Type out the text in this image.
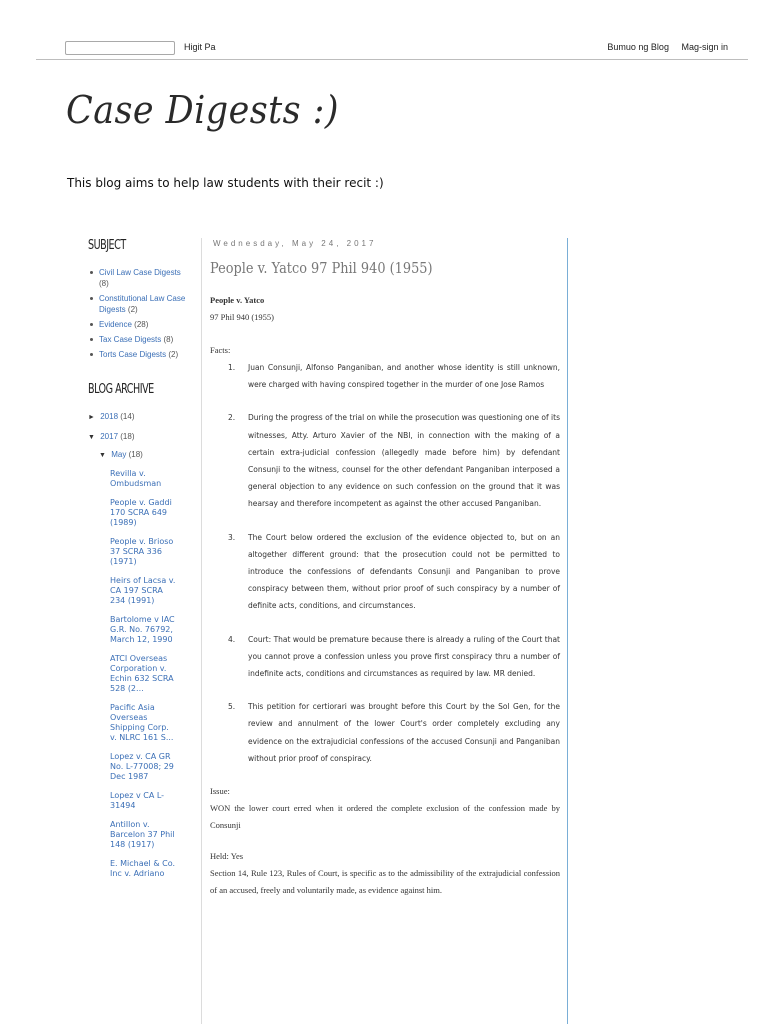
Higit Pa	Bumuo ng Blog Mag-sign in
Case Digests :)
This blog aims to help law students with their recit :)
SUBJECT
Civil Law Case Digests (8)
Constitutional Law Case Digests (2)
Evidence (28)
Tax Case Digests (8)
Torts Case Digests (2)
BLOG ARCHIVE
► 2018 (14)
▼ 2017 (18)
▼ May (18)
Revilla v. Ombudsman
People v. Gaddi 170 SCRA 649 (1989)
People v. Brioso 37 SCRA 336 (1971)
Heirs of Lacsa v. CA 197 SCRA 234 (1991)
Bartolome v IAC G.R. No. 76792, March 12, 1990
ATCI Overseas Corporation v. Echin 632 SCRA 528 (2...
Pacific Asia Overseas Shipping Corp. v. NLRC 161 S...
Lopez v. CA GR No. L-77008; 29 Dec 1987
Lopez v CA L-31494
Antillon v. Barcelon 37 Phil 148 (1917)
E. Michael & Co. Inc v. Adriano
Wednesday, May 24, 2017
People v. Yatco 97 Phil 940 (1955)
People v. Yatco
97 Phil 940 (1955)
Facts:
1. Juan Consunji, Alfonso Panganiban, and another whose identity is still unknown, were charged with having conspired together in the murder of one Jose Ramos
2. During the progress of the trial on while the prosecution was questioning one of its witnesses, Atty. Arturo Xavier of the NBI, in connection with the making of a certain extra-judicial confession (allegedly made before him) by defendant Consunji to the witness, counsel for the other defendant Panganiban interposed a general objection to any evidence on such confession on the ground that it was hearsay and therefore incompetent as against the other accused Panganiban.
3. The Court below ordered the exclusion of the evidence objected to, but on an altogether different ground: that the prosecution could not be permitted to introduce the confessions of defendants Consunji and Panganiban to prove conspiracy between them, without prior proof of such conspiracy by a number of definite acts, conditions, and circumstances.
4. Court: That would be premature because there is already a ruling of the Court that you cannot prove a confession unless you prove first conspiracy thru a number of indefinite acts, conditions and circumstances as required by law. MR denied.
5. This petition for certiorari was brought before this Court by the Sol Gen, for the review and annulment of the lower Court's order completely excluding any evidence on the extrajudicial confessions of the accused Consunji and Panganiban without prior proof of conspiracy.
Issue:
WON the lower court erred when it ordered the complete exclusion of the confession made by Consunji
Held: Yes
Section 14, Rule 123, Rules of Court, is specific as to the admissibility of the extrajudicial confession of an accused, freely and voluntarily made, as evidence against him.
